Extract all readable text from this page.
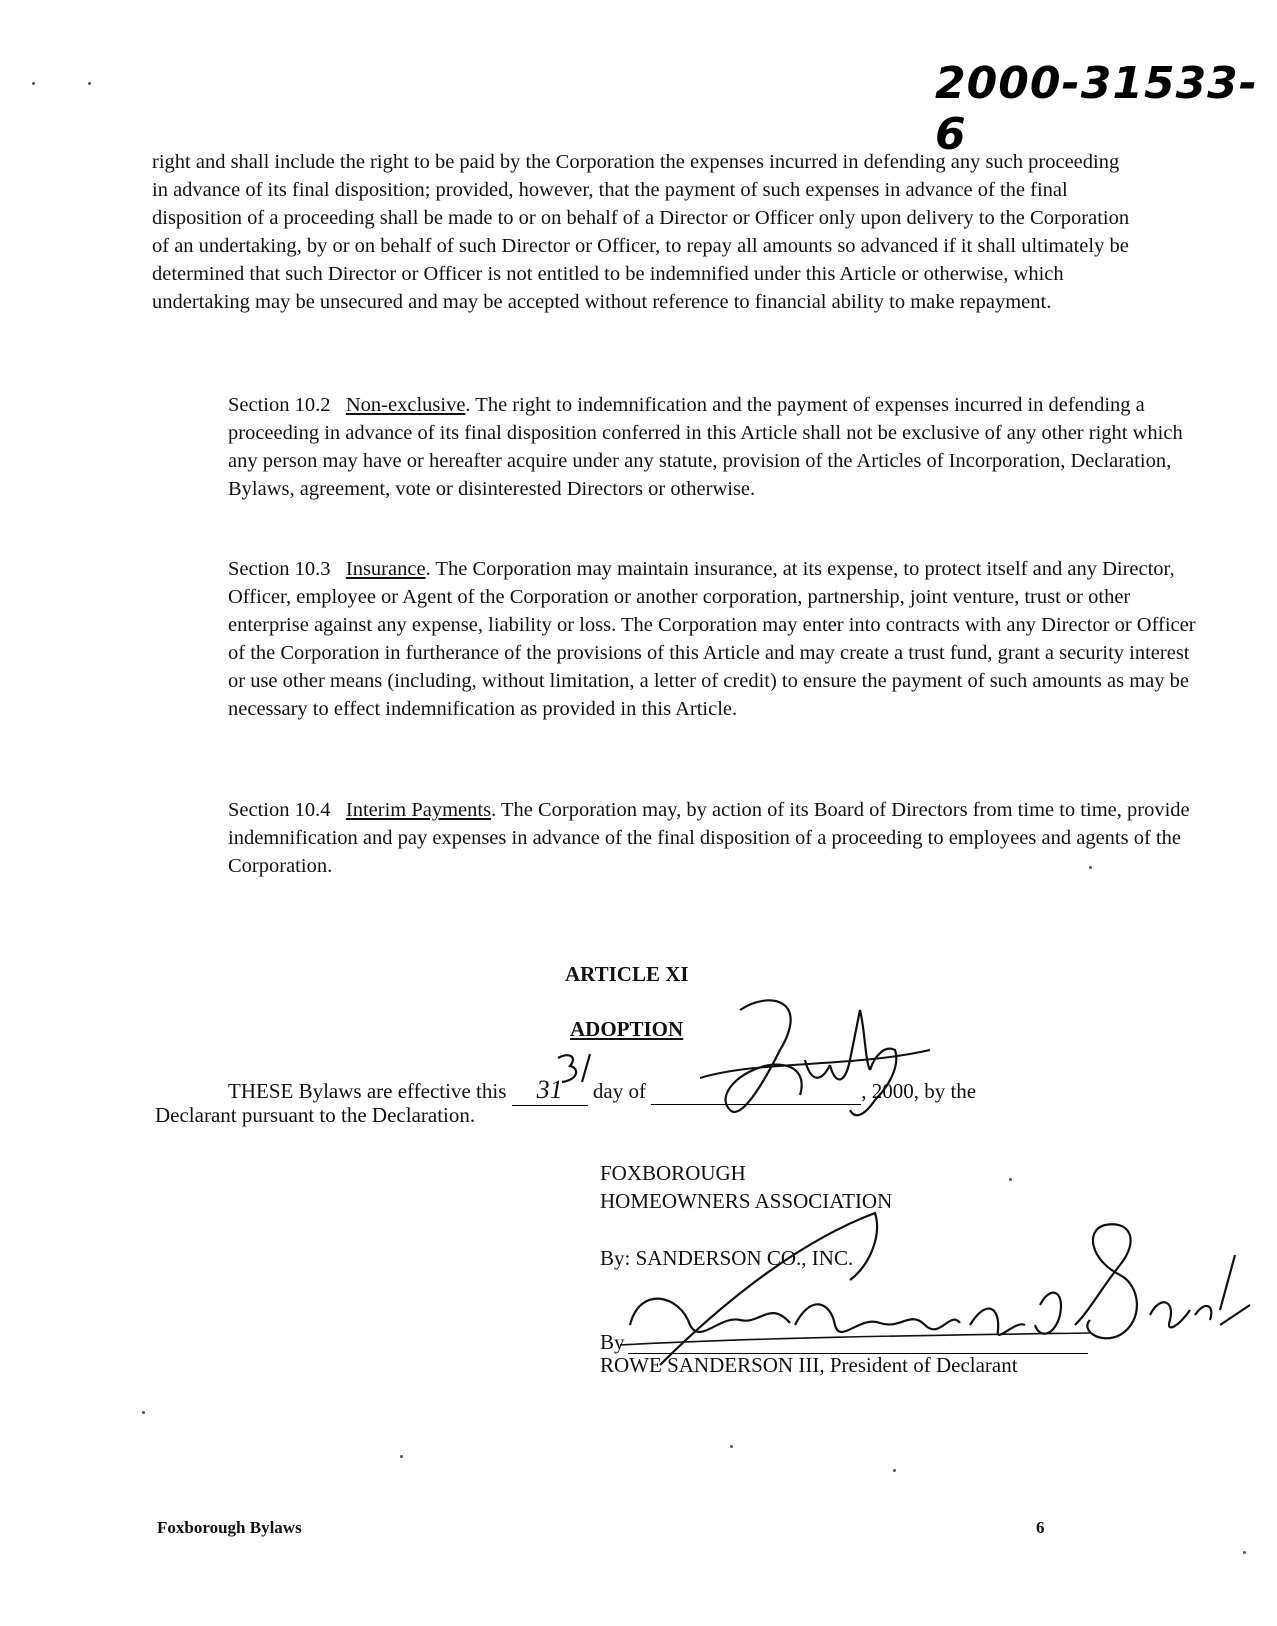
2000-31533-6

right and shall include the right to be paid by the Corporation the expenses incurred in defending any such proceeding in advance of its final disposition; provided, however, that the payment of such expenses in advance of the final disposition of a proceeding shall be made to or on behalf of a Director or Officer only upon delivery to the Corporation of an undertaking, by or on behalf of such Director or Officer, to repay all amounts so advanced if it shall ultimately be determined that such Director or Officer is not entitled to be indemnified under this Article or otherwise, which undertaking may be unsecured and may be accepted without reference to financial ability to make repayment.

Section 10.2 Non-exclusive. The right to indemnification and the payment of expenses incurred in defending a proceeding in advance of its final disposition conferred in this Article shall not be exclusive of any other right which any person may have or hereafter acquire under any statute, provision of the Articles of Incorporation, Declaration, Bylaws, agreement, vote or disinterested Directors or otherwise.

Section 10.3 Insurance. The Corporation may maintain insurance, at its expense, to protect itself and any Director, Officer, employee or Agent of the Corporation or another corporation, partnership, joint venture, trust or other enterprise against any expense, liability or loss. The Corporation may enter into contracts with any Director or Officer of the Corporation in furtherance of the provisions of this Article and may create a trust fund, grant a security interest or use other means (including, without limitation, a letter of credit) to ensure the payment of such amounts as may be necessary to effect indemnification as provided in this Article.

Section 10.4 Interim Payments. The Corporation may, by action of its Board of Directors from time to time, provide indemnification and pay expenses in advance of the final disposition of a proceeding to employees and agents of the Corporation.

ARTICLE XI
ADOPTION
THESE Bylaws are effective this 31 day of	, 2000, by the
Declarant pursuant to the Declaration.
FOXBOROUGH
HOMEOWNERS ASSOCIATION
By: SANDERSON CO., INC.
By
ROWE SANDERSON III, President of Declarant
Foxborough Bylaws	6
